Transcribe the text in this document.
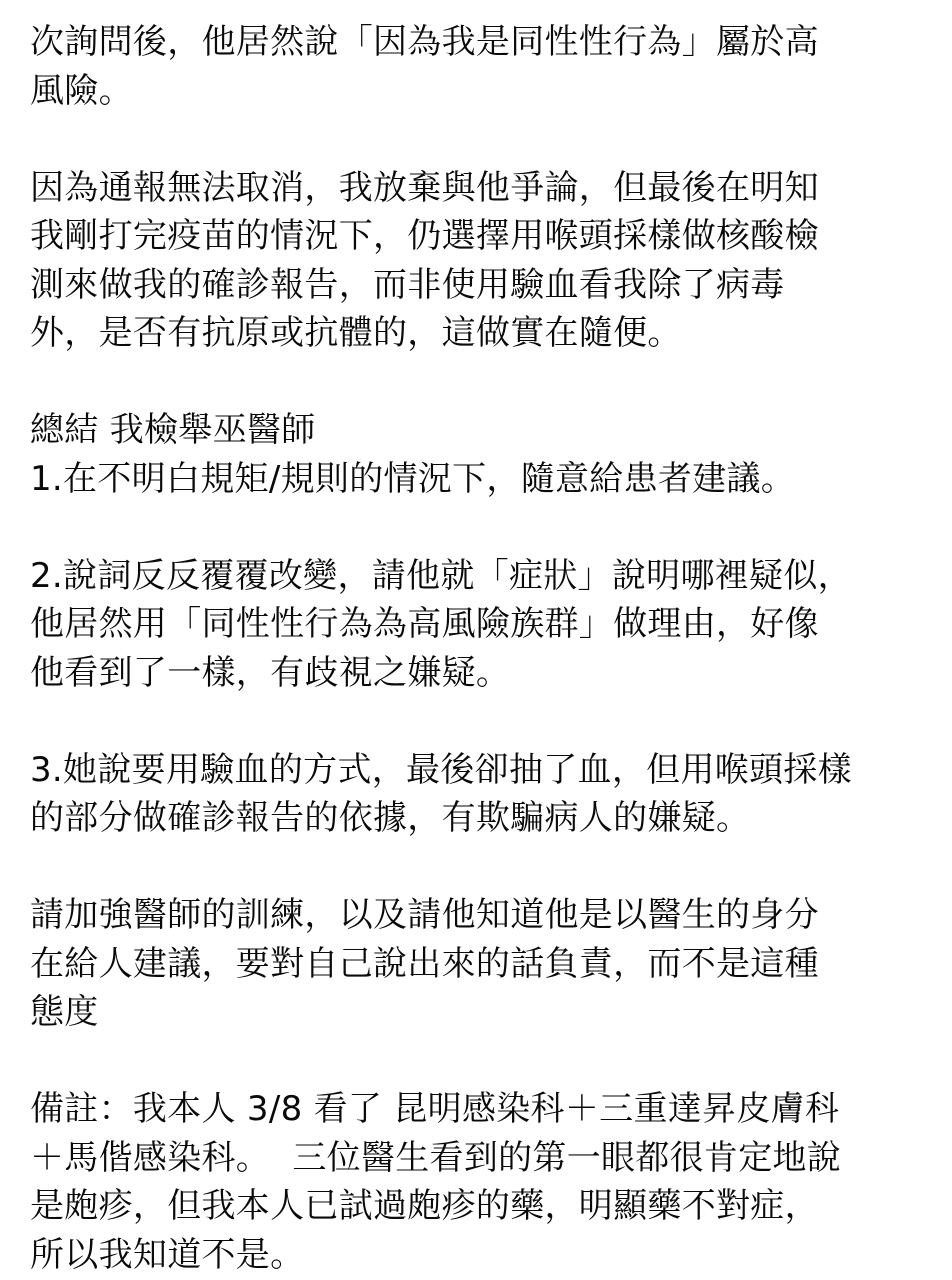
次詢問後，他居然說「因為我是同性性行為」屬於高
風險。

因為通報無法取消，我放棄與他爭論，但最後在明知
我剛打完疫苗的情況下，仍選擇用喉頭採樣做核酸檢
測來做我的確診報告，而非使用驗血看我除了病毒
外，是否有抗原或抗體的，這做實在隨便。

總結 我檢舉巫醫師
1.在不明白規矩/規則的情況下，隨意給患者建議。

2.說詞反反覆覆改變，請他就「症狀」說明哪裡疑似，
他居然用「同性性行為為高風險族群」做理由，好像
他看到了一樣，有歧視之嫌疑。

3.她說要用驗血的方式，最後卻抽了血，但用喉頭採樣
的部分做確診報告的依據，有欺騙病人的嫌疑。

請加強醫師的訓練，以及請他知道他是以醫生的身分
在給人建議，要對自己說出來的話負責，而不是這種
態度

備註：我本人 3/8 看了 昆明感染科＋三重達昇皮膚科
＋馬偕感染科。  三位醫生看到的第一眼都很肯定地說
是皰疹，但我本人已試過皰疹的藥，明顯藥不對症，
所以我知道不是。
